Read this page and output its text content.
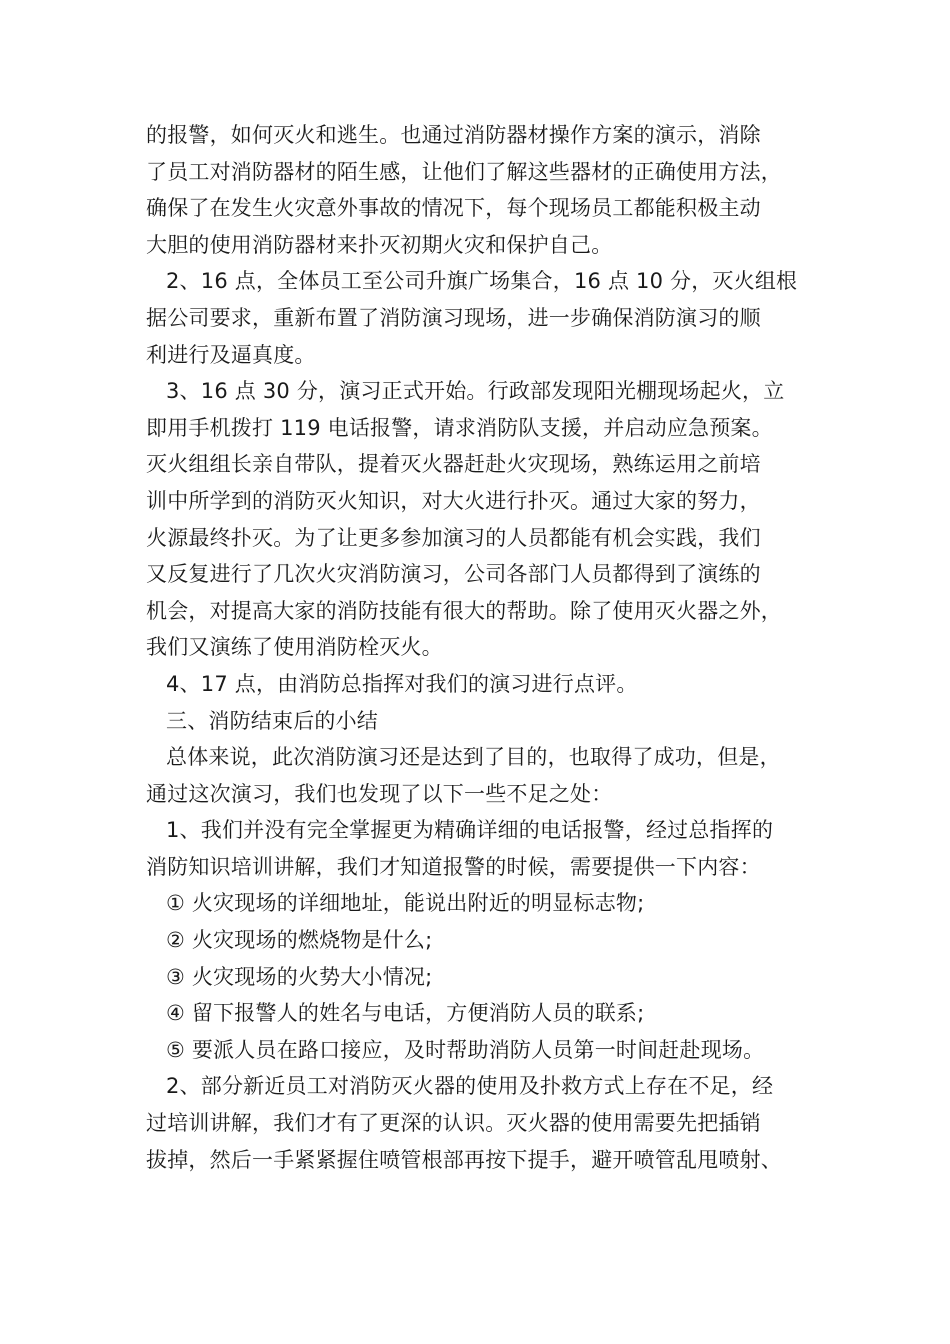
的报警，如何灭火和逃生。也通过消防器材操作方案的演示，消除
了员工对消防器材的陌生感，让他们了解这些器材的正确使用方法，
确保了在发生火灾意外事故的情况下，每个现场员工都能积极主动
大胆的使用消防器材来扑灭初期火灾和保护自己。
2、16 点，全体员工至公司升旗广场集合，16 点 10 分，灭火组根
据公司要求，重新布置了消防演习现场，进一步确保消防演习的顺
利进行及逼真度。
3、16 点 30 分，演习正式开始。行政部发现阳光棚现场起火，立
即用手机拨打 119 电话报警，请求消防队支援，并启动应急预案。
灭火组组长亲自带队，提着灭火器赶赴火灾现场，熟练运用之前培
训中所学到的消防灭火知识，对大火进行扑灭。通过大家的努力，
火源最终扑灭。为了让更多参加演习的人员都能有机会实践，我们
又反复进行了几次火灾消防演习，公司各部门人员都得到了演练的
机会，对提高大家的消防技能有很大的帮助。除了使用灭火器之外，
我们又演练了使用消防栓灭火。
4、17 点，由消防总指挥对我们的演习进行点评。
三、消防结束后的小结
总体来说，此次消防演习还是达到了目的，也取得了成功，但是，
通过这次演习，我们也发现了以下一些不足之处：
1、我们并没有完全掌握更为精确详细的电话报警，经过总指挥的
消防知识培训讲解，我们才知道报警的时候，需要提供一下内容：
① 火灾现场的详细地址，能说出附近的明显标志物;
② 火灾现场的燃烧物是什么;
③ 火灾现场的火势大小情况;
④ 留下报警人的姓名与电话，方便消防人员的联系;
⑤ 要派人员在路口接应，及时帮助消防人员第一时间赶赴现场。
2、部分新近员工对消防灭火器的使用及扑救方式上存在不足，经
过培训讲解，我们才有了更深的认识。灭火器的使用需要先把插销
拔掉，然后一手紧紧握住喷管根部再按下提手，避开喷管乱甩喷射、
